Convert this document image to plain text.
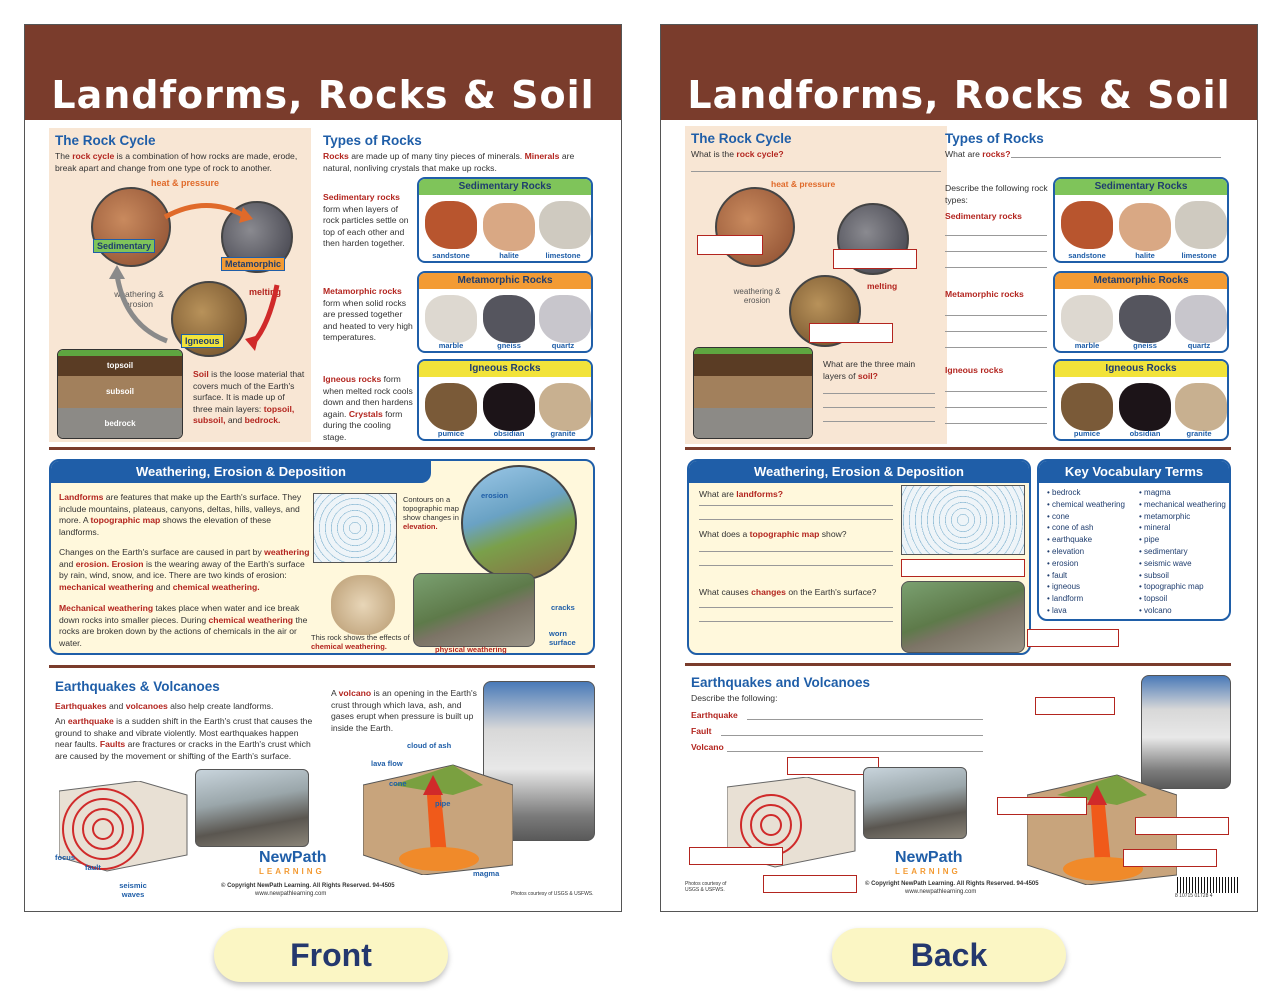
Landforms, Rocks & Soil
The Rock Cycle
The rock cycle is a combination of how rocks are made, erode, break apart and change from one type of rock to another.
heat & pressure
Sedimentary
Metamorphic
Igneous
weathering & erosion
melting
topsoil
subsoil
bedrock
Soil is the loose material that covers much of the Earth's surface. It is made up of three main layers: topsoil, subsoil, and bedrock.
Types of Rocks
Rocks are made up of many tiny pieces of minerals. Minerals are natural, nonliving crystals that make up rocks.
Sedimentary rocks form when layers of rock particles settle on top of each other and then harden together.
Metamorphic rocks form when solid rocks are pressed together and heated to very high temperatures.
Igneous rocks form when melted rock cools down and then hardens again. Crystals form during the cooling stage.
Sedimentary Rocks
sandstone	halite	limestone
Metamorphic Rocks
marble	gneiss	quartz
Igneous Rocks
pumice	obsidian	granite
Weathering, Erosion & Deposition
Landforms are features that make up the Earth's surface. They include mountains, plateaus, canyons, deltas, hills, valleys, and more. A topographic map shows the elevation of these landforms.
Changes on the Earth's surface are caused in part by weathering and erosion. Erosion is the wearing away of the Earth's surface by rain, wind, snow, and ice. There are two kinds of erosion: mechanical weathering and chemical weathering.
Mechanical weathering takes place when water and ice break down rocks into smaller pieces. During chemical weathering the rocks are broken down by the actions of chemicals in the air or water.
Contours on a topographic map show changes in elevation.
erosion
This rock shows the effects of chemical weathering.	physical weathering
cracks
worn surface
Earthquakes & Volcanoes
Earthquakes and volcanoes also help create landforms.
An earthquake is a sudden shift in the Earth's crust that causes the ground to shake and vibrate violently. Most earthquakes happen near faults. Faults are fractures or cracks in the Earth's crust which are caused by the movement or shifting of the Earth's surface.
A volcano is an opening in the Earth's crust through which lava, ash, and gases erupt when pressure is built up inside the Earth.
focus
fault
seismic waves
cloud of ash
lava flow
cone
pipe
magma
NewPath
LEARNING
© Copyright NewPath Learning. All Rights Reserved. 94-4505
www.newpathlearning.com	Photos courtesy of USGS & USFWS.
Landforms, Rocks & Soil
The Rock Cycle
What is the rock cycle?
heat & pressure
weathering & erosion
melting
What are the three main layers of soil?
Types of Rocks
What are rocks?
Describe the following rock types:
Sedimentary rocks
Metamorphic rocks
Igneous rocks
Sedimentary Rocks
sandstone	halite	limestone
Metamorphic Rocks
marble	gneiss	quartz
Igneous Rocks
pumice	obsidian	granite
Weathering, Erosion & Deposition
What are landforms?
What does a topographic map show?
What causes changes on the Earth's surface?
Key Vocabulary Terms
• bedrock
• chemical weathering
• cone
• cone of ash
• earthquake
• elevation
• erosion
• fault
• igneous
• landform
• lava
• magma
• mechanical weathering
• metamorphic
• mineral
• pipe
• sedimentary
• seismic wave
• subsoil
• topographic map
• topsoil
• volcano
Earthquakes and Volcanoes
Describe the following:
Earthquake
Fault
Volcano
NewPath
LEARNING
Photos courtesy of USGS & USFWS.
© Copyright NewPath Learning. All Rights Reserved. 94-4505
www.newpathlearning.com
8 10715 01728 4
Front	Back
